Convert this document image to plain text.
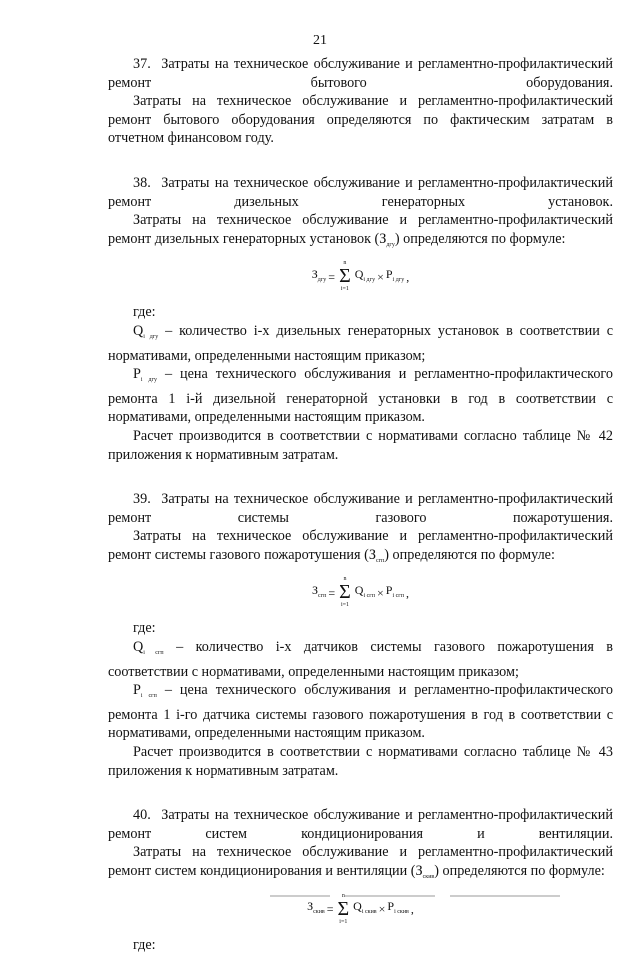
21

37.  Затраты на техническое обслуживание и регламентно-профилактический ремонт бытового оборудования.

Затраты на техническое обслуживание и регламентно-профилактический ремонт бытового оборудования определяются по фактическим затратам в отчетном финансовом году.

38.  Затраты на техническое обслуживание и регламентно-профилактический ремонт дизельных генераторных установок.

Затраты на техническое обслуживание и регламентно-профилактический ремонт дизельных генераторных установок $(З_{дгу})$ определяются по формуле:

$З_{дгу}$ =
n
Σ
i=1
$Q_{i дгу} \times P_{i дгу}$ ,

где:

$Q_{i дгу}$ – количество i-х дизельных генераторных установок в соответствии с нормативами, определенными настоящим приказом;

$P_{i дгу}$ – цена технического обслуживания и регламентно-профилактического ремонта 1 i-й дизельной генераторной установки в год в соответствии с нормативами, определенными настоящим приказом.

Расчет производится в соответствии с нормативами согласно таблице № 42 приложения к нормативным затратам.

39.  Затраты на техническое обслуживание и регламентно-профилактический ремонт системы газового пожаротушения.

Затраты на техническое обслуживание и регламентно-профилактический ремонт системы газового пожаротушения $(З_{сгп})$ определяются по формуле:

$З_{сгп}$ =
n
Σ
i=1
$Q_{i сгп} \times P_{i сгп}$ ,

где:

$Q_{i сгп}$ – количество i-х датчиков системы газового пожаротушения в соответствии с нормативами, определенными настоящим приказом;

$P_{i сгп}$ – цена технического обслуживания и регламентно-профилактического ремонта 1 i-го датчика системы газового пожаротушения в год в соответствии с нормативами, определенными настоящим приказом.

Расчет производится в соответствии с нормативами согласно таблице № 43 приложения к нормативным затратам.

40.  Затраты на техническое обслуживание и регламентно-профилактический ремонт систем кондиционирования и вентиляции.

Затраты на техническое обслуживание и регламентно-профилактический ремонт систем кондиционирования и вентиляции $(З_{скив})$ определяются по формуле:

$З_{скив}$ =
n
Σ
i=1
$Q_{i скив} \times P_{i скив}$ ,

где:
